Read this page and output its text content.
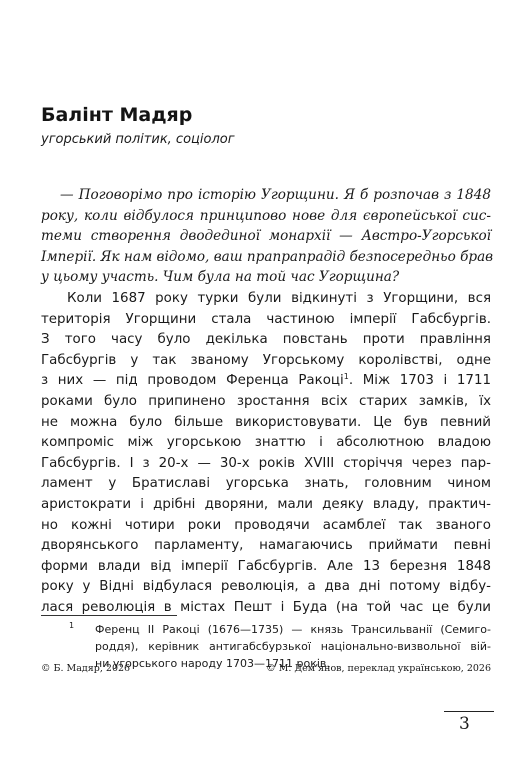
Балінт Мадяр
угорський політик, соціолог
— Поговорімо про історію Угорщини. Я б розпочав з 1848
року, коли відбулося принципово нове для європейської сис-
теми створення дводединої монархії — Австро-Угорської
Імперії. Як нам відомо, ваш прапрапрадід безпосередньо брав
у цьому участь. Чим була на той час Угорщина?
Коли 1687 року турки були відкинуті з Угорщини, вся
територія Угорщини стала частиною імперії Габсбургів.
З того часу було декілька повстань проти правління
Габсбургів у так званому Угорському королівстві, одне
з них — під проводом Ференца Ракоці$^1$. Між 1703 і 1711
роками було припинено зростання всіх старих замків, їх
не можна було більше використовувати. Це був певний
компроміс між угорською знаттю і абсолютною владою
Габсбургів. І з 20-х — 30-х років XVIII сторіччя через пар-
ламент у Братиславі угорська знать, головним чином
аристократи і дрібні дворяни, мали деяку владу, практич-
но кожні чотири роки проводячи асамблеї так званого
дворянського парламенту, намагаючись приймати певні
форми влади від імперії Габсбургів. Але 13 березня 1848
року у Відні відбулася революція, а два дні потому відбу-
лася революція в містах Пешт і Буда (на той час це були
1 Ференц ІІ Ракоці (1676—1735) — князь Трансильванії (Семиго-
роддя), керівник антигабсбурзької національно-визвольної вій-
ни угорського народу 1703—1711 років.
© Б. Мадяр, 2026	© М. Дем’янов, переклад українською, 2026
3
